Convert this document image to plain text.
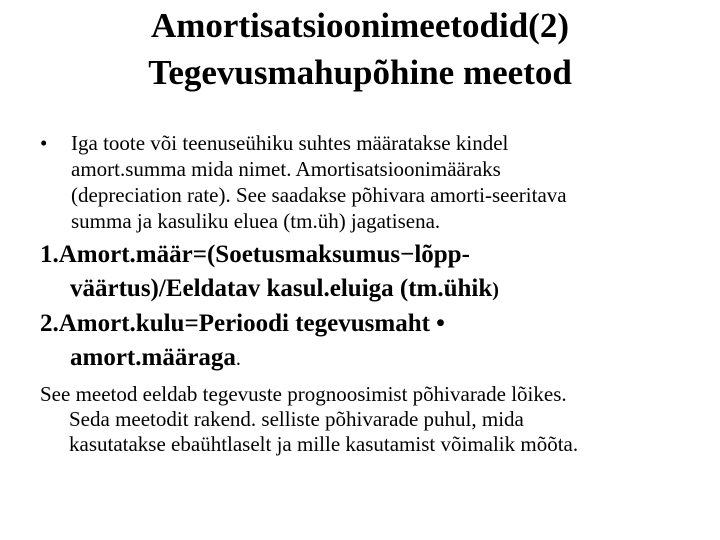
Amortisatsioonimeetodid(2)
Tegevusmahupõhine meetod
• Iga toote või teenuseühiku suhtes määratakse kindel
amort.summa mida nimet. Amortisatsioonimääraks
(depreciation rate). See saadakse põhivara amorti-seeritava
summa ja kasuliku eluea (tm.üh) jagatisena.
1.Amort.määr=(Soetusmaksumus−lõpp-
väärtus)/Eeldatav kasul.eluiga (tm.ühik)
2.Amort.kulu=Perioodi tegevusmaht •
amort.määraga.
See meetod eeldab tegevuste prognoosimist põhivarade lõikes.
Seda meetodit rakend. selliste põhivarade puhul, mida
kasutatakse ebaühtlaselt ja mille kasutamist võimalik mõõta.
